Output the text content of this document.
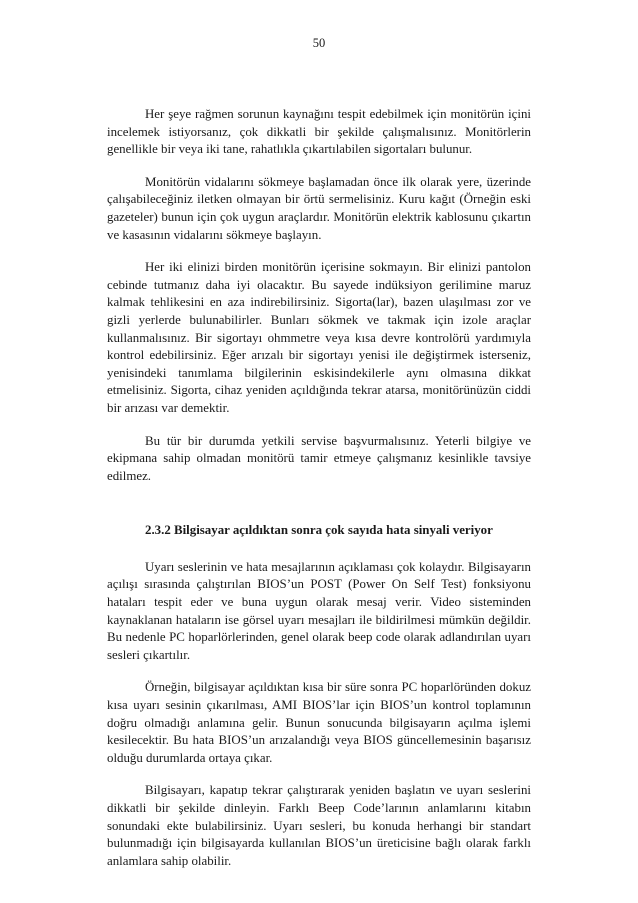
50

Her şeye rağmen sorunun kaynağını tespit edebilmek için monitörün içini incelemek istiyorsanız, çok dikkatli bir şekilde çalışmalısınız. Monitörlerin genellikle bir veya iki tane, rahatlıkla çıkartılabilen sigortaları bulunur.

Monitörün vidalarını sökmeye başlamadan önce ilk olarak yere, üzerinde çalışabileceğiniz iletken olmayan bir örtü sermelisiniz. Kuru kağıt (Örneğin eski gazeteler) bunun için çok uygun araçlardır. Monitörün elektrik kablosunu çıkartın ve kasasının vidalarını sökmeye başlayın.

Her iki elinizi birden monitörün içerisine sokmayın. Bir elinizi pantolon cebinde tutmanız daha iyi olacaktır. Bu sayede indüksiyon gerilimine maruz kalmak tehlikesini en aza indirebilirsiniz. Sigorta(lar), bazen ulaşılması zor ve gizli yerlerde bulunabilirler. Bunları sökmek ve takmak için izole araçlar kullanmalısınız. Bir sigortayı ohmmetre veya kısa devre kontrolörü yardımıyla kontrol edebilirsiniz. Eğer arızalı bir sigortayı yenisi ile değiştirmek isterseniz, yenisindeki tanımlama bilgilerinin eskisindekilerle aynı olmasına dikkat etmelisiniz. Sigorta, cihaz yeniden açıldığında tekrar atarsa, monitörünüzün ciddi bir arızası var demektir.

Bu tür bir durumda yetkili servise başvurmalısınız. Yeterli bilgiye ve ekipmana sahip olmadan monitörü tamir etmeye çalışmanız kesinlikle tavsiye edilmez.

2.3.2 Bilgisayar açıldıktan sonra çok sayıda hata sinyali veriyor

Uyarı seslerinin ve hata mesajlarının açıklaması çok kolaydır. Bilgisayarın açılışı sırasında çalıştırılan BIOS’un POST (Power On Self Test) fonksiyonu hataları tespit eder ve buna uygun olarak mesaj verir. Video sisteminden kaynaklanan hataların ise görsel uyarı mesajları ile bildirilmesi mümkün değildir. Bu nedenle PC hoparlörlerinden, genel olarak beep code olarak adlandırılan uyarı sesleri çıkartılır.

Örneğin, bilgisayar açıldıktan kısa bir süre sonra PC hoparlöründen dokuz kısa uyarı sesinin çıkarılması, AMI BIOS’lar için BIOS’un kontrol toplamının doğru olmadığı anlamına gelir. Bunun sonucunda bilgisayarın açılma işlemi kesilecektir. Bu hata BIOS’un arızalandığı veya BIOS güncellemesinin başarısız olduğu durumlarda ortaya çıkar.

Bilgisayarı, kapatıp tekrar çalıştırarak yeniden başlatın ve uyarı seslerini dikkatli bir şekilde dinleyin. Farklı Beep Code’larının anlamlarını kitabın sonundaki ekte bulabilirsiniz. Uyarı sesleri, bu konuda herhangi bir standart bulunmadığı için bilgisayarda kullanılan BIOS’un üreticisine bağlı olarak farklı anlamlara sahip olabilir.
